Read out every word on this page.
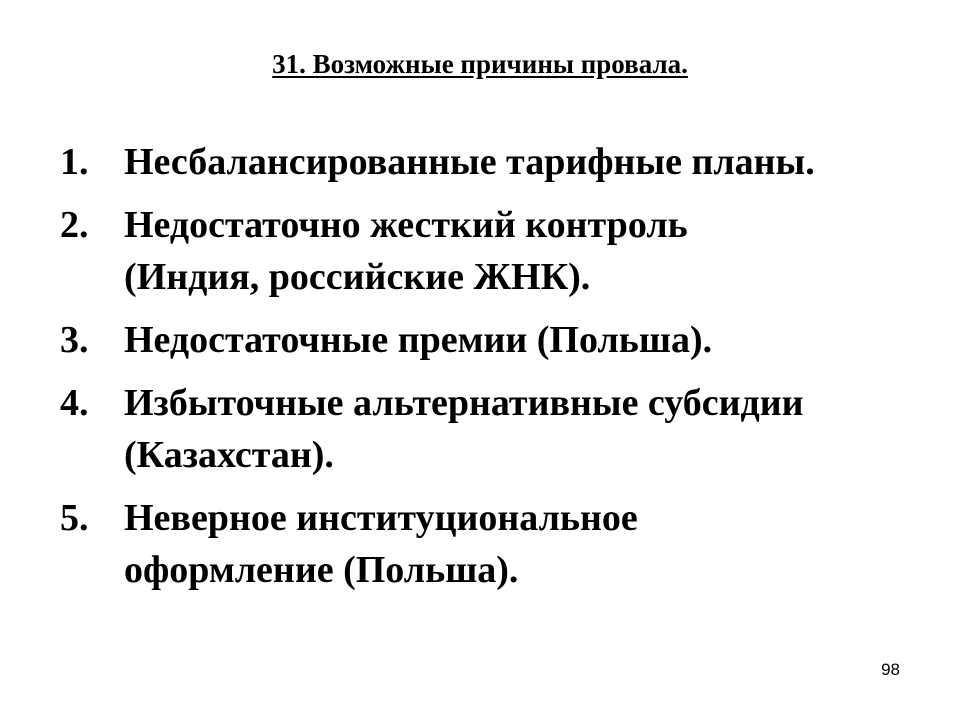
31. Возможные причины провала.
1. Несбалансированные тарифные планы.
2. Недостаточно жесткий контроль
(Индия, российские ЖНК).
3. Недостаточные премии (Польша).
4. Избыточные альтернативные субсидии
(Казахстан).
5. Неверное институциональное
оформление (Польша).
98
